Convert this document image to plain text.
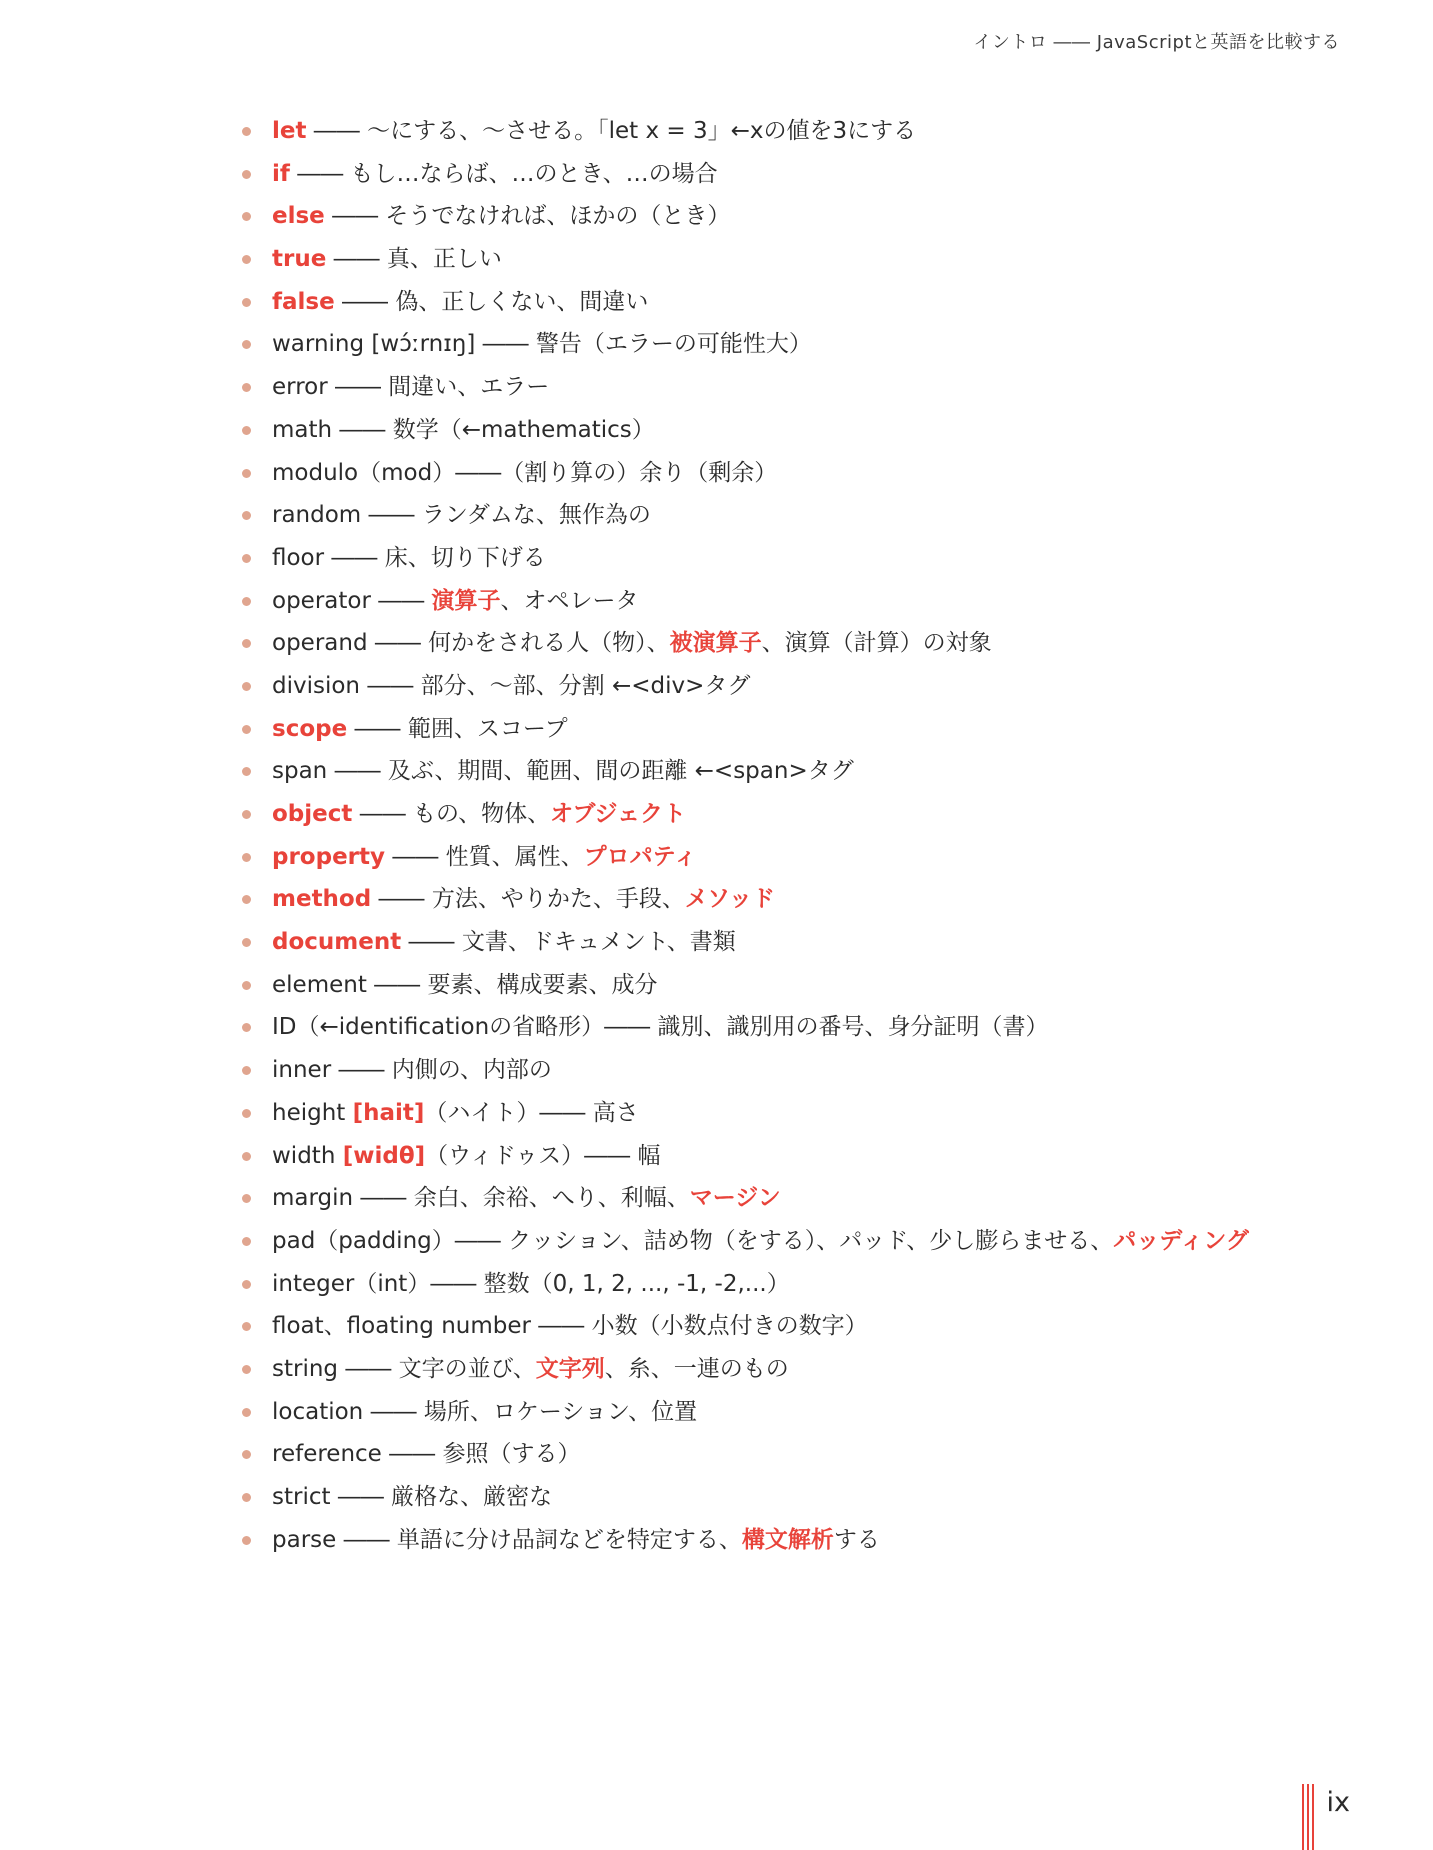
イントロ ―― JavaScriptと英語を比較する
let ―― ～にする、～させる。「let x = 3」←xの値を3にする
if ―― もし…ならば、…のとき、…の場合
else ―― そうでなければ、ほかの（とき）
true ―― 真、正しい
false ―― 偽、正しくない、間違い
warning [wɔ́ːrnɪŋ] ―― 警告（エラーの可能性大）
error ―― 間違い、エラー
math ―― 数学（←mathematics）
modulo（mod）――（割り算の）余り（剰余）
random ―― ランダムな、無作為の
floor ―― 床、切り下げる
operator ―― 演算子、オペレータ
operand ―― 何かをされる人（物）、被演算子、演算（計算）の対象
division ―― 部分、～部、分割 ←<div>タグ
scope ―― 範囲、スコープ
span ―― 及ぶ、期間、範囲、間の距離 ←<span>タグ
object ―― もの、物体、オブジェクト
property ―― 性質、属性、プロパティ
method ―― 方法、やりかた、手段、メソッド
document ―― 文書、ドキュメント、書類
element ―― 要素、構成要素、成分
ID（←identificationの省略形）―― 識別、識別用の番号、身分証明（書）
inner ―― 内側の、内部の
height [hait]（ハイト）―― 高さ
width [widθ]（ウィドゥス）―― 幅
margin ―― 余白、余裕、へり、利幅、マージン
pad（padding）―― クッション、詰め物（をする）、パッド、少し膨らませる、パッディング
integer（int）―― 整数（0, 1, 2, ..., -1, -2,...）
float、floating number ―― 小数（小数点付きの数字）
string ―― 文字の並び、文字列、糸、一連のもの
location ―― 場所、ロケーション、位置
reference ―― 参照（する）
strict ―― 厳格な、厳密な
parse ―― 単語に分け品詞などを特定する、構文解析する
ix
